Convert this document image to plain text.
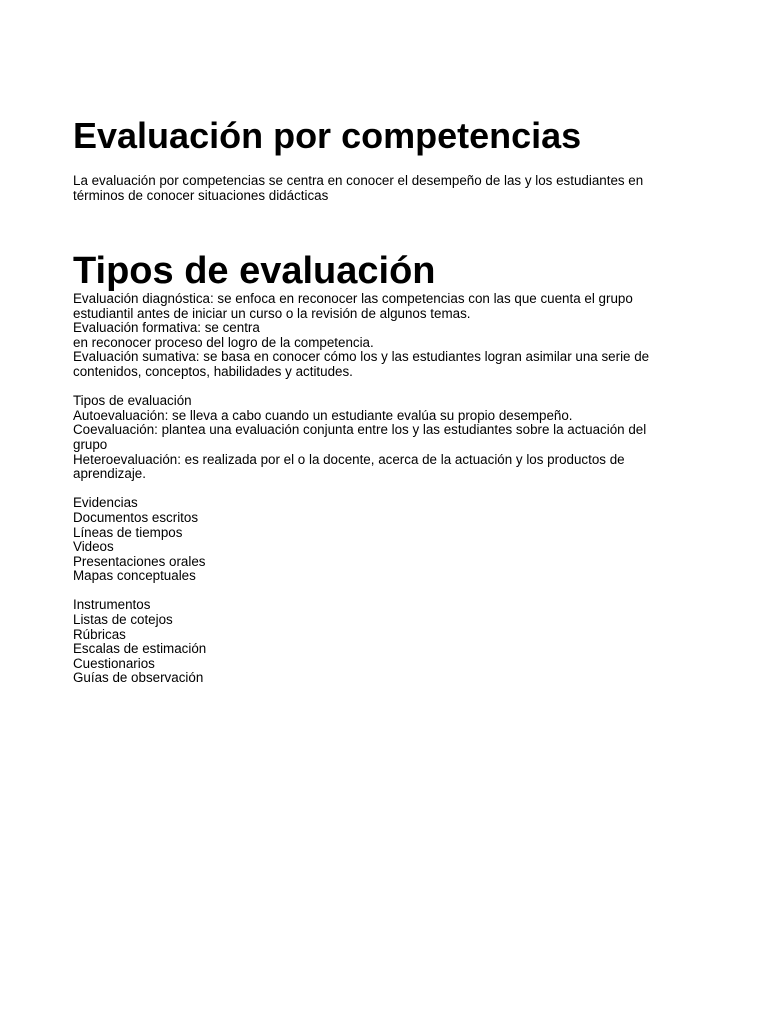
Evaluación por competencias

La evaluación por competencias se centra en conocer el desempeño de las y los estudiantes en
términos de conocer situaciones didácticas

Tipos de evaluación
Evaluación diagnóstica: se enfoca en reconocer las competencias con las que cuenta el grupo
estudiantil antes de iniciar un curso o la revisión de algunos temas.
Evaluación formativa: se centra
en reconocer proceso del logro de la competencia.
Evaluación sumativa: se basa en conocer cómo los y las estudiantes logran asimilar una serie de
contenidos, conceptos, habilidades y actitudes.
Tipos de evaluación
Autoevaluación: se lleva a cabo cuando un estudiante evalúa su propio desempeño.
Coevaluación: plantea una evaluación conjunta entre los y las estudiantes sobre la actuación del
grupo
Heteroevaluación: es realizada por el o la docente, acerca de la actuación y los productos de
aprendizaje.
Evidencias
Documentos escritos
Líneas de tiempos
Videos
Presentaciones orales
Mapas conceptuales
Instrumentos
Listas de cotejos
Rúbricas
Escalas de estimación
Cuestionarios
Guías de observación
